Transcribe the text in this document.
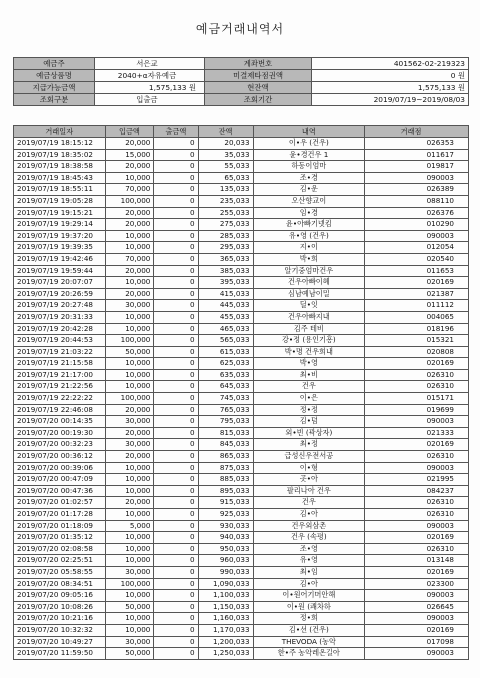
예금거래내역서
예금주	서은교	계좌번호	401562-02-219323
예금상품명	2040+α자유예금	미결제타점권액	0 원
지급가능금액	1,575,133 원	현잔액	1,575,133 원
조회구분	입출금	조회기간	2019/07/19~2019/08/03
거래일자	입금액	출금액	잔액	내역	거래점
2019/07/19 18:15:12	20,000	0	20,033	이•우 (건우)	026353
2019/07/19 18:35:02	15,000	0	35,033	윤•경건우 1	011617
2019/07/19 18:38:58	20,000	0	55,033	하동이엄마	019817
2019/07/19 18:45:43	10,000	0	65,033	조•경	090003
2019/07/19 18:55:11	70,000	0	135,033	김•운	026389
2019/07/19 19:05:28	100,000	0	235,033	오산향교이	088110
2019/07/19 19:15:21	20,000	0	255,033	임•경	026376
2019/07/19 19:29:14	20,000	0	275,033	윤•아빠기넷킴	010290
2019/07/19 19:37:20	10,000	0	285,033	유•영 (건우)	090003
2019/07/19 19:39:35	10,000	0	295,033	지•이	012054
2019/07/19 19:42:46	70,000	0	365,033	박•희	020540
2019/07/19 19:59:44	20,000	0	385,033	알기중엄마건우	011653
2019/07/19 20:07:07	10,000	0	395,033	건우아빠이혜	020169
2019/07/19 20:26:59	20,000	0	415,033	심남예남이밀	021387
2019/07/19 20:27:48	30,000	0	445,033	딜•잇	011112
2019/07/19 20:31:33	10,000	0	455,033	건우아빠지내	004065
2019/07/19 20:42:28	10,000	0	465,033	김주 테비	018196
2019/07/19 20:44:53	100,000	0	565,033	강•정 (용인기흥)	015321
2019/07/19 21:03:22	50,000	0	615,033	박•명 건우희내	020808
2019/07/19 21:15:58	10,000	0	625,033	박•영	020169
2019/07/19 21:17:00	10,000	0	635,033	최•비	026310
2019/07/19 21:22:56	10,000	0	645,033	건우	026310
2019/07/19 22:22:22	100,000	0	745,033	이•은	015171
2019/07/19 22:46:08	20,000	0	765,033	정•정	019699
2019/07/20 00:14:35	30,000	0	795,033	김•덤	090003
2019/07/20 00:19:30	20,000	0	815,033	외•빈 (곽상자)	021333
2019/07/20 00:32:23	30,000	0	845,033	최•정	020169
2019/07/20 00:36:12	20,000	0	865,033	급성신우전서공	026310
2019/07/20 00:39:06	10,000	0	875,033	이•형	090003
2019/07/20 00:47:09	10,000	0	885,033	곳•아	021995
2019/07/20 00:47:36	10,000	0	895,033	팔리나아 건우	084237
2019/07/20 01:02:57	20,000	0	915,033	건우	026310
2019/07/20 01:17:28	10,000	0	925,033	김•아	026310
2019/07/20 01:18:09	5,000	0	930,033	건우외삼촌	090003
2019/07/20 01:35:12	10,000	0	940,033	건우 (속평)	020169
2019/07/20 02:08:58	10,000	0	950,033	조•영	026310
2019/07/20 02:25:51	10,000	0	960,033	유•영	013148
2019/07/20 05:58:55	30,000	0	990,033	최•임	020169
2019/07/20 08:34:51	100,000	0	1,090,033	김•아	023300
2019/07/20 09:05:16	10,000	0	1,100,033	이•원어기머안해	090003
2019/07/20 10:08:26	50,000	0	1,150,033	이•원 (쾌차하	026645
2019/07/20 10:21:16	10,000	0	1,160,033	정•희	090003
2019/07/20 10:32:32	10,000	0	1,170,033	김•선 (건우)	020169
2019/07/20 10:49:27	30,000	0	1,200,033	THEVODA (농악	017098
2019/07/20 11:59:50	50,000	0	1,250,033	한•주 농악레온길아	090003
